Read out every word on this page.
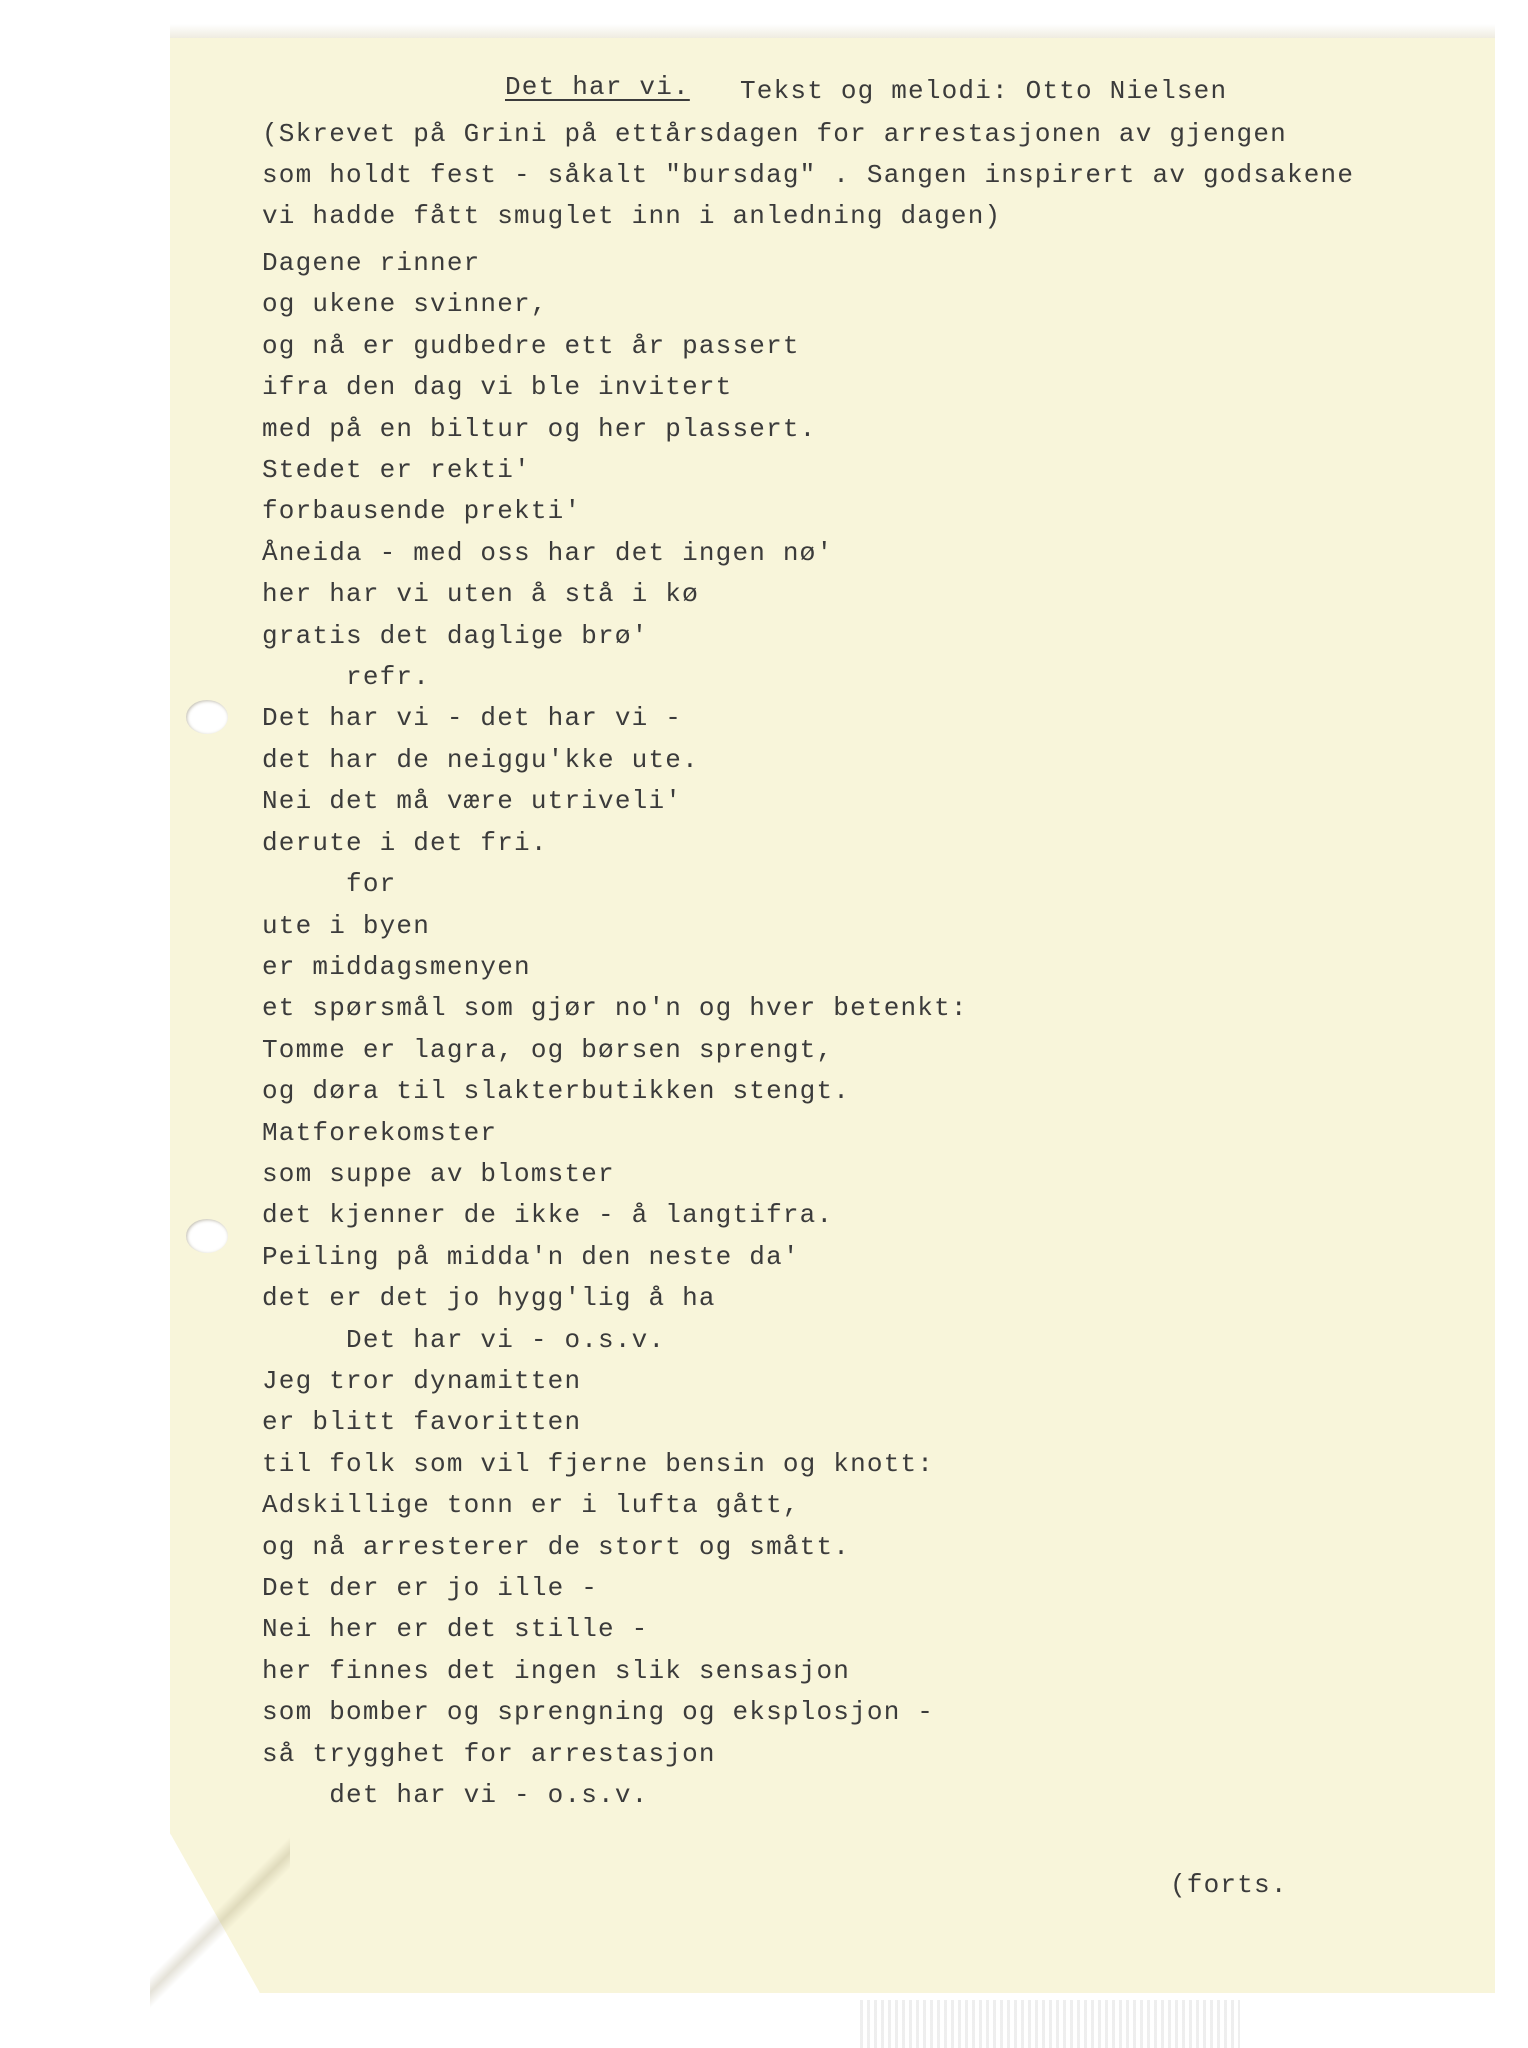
Det har vi. Tekst og melodi: Otto Nielsen
(Skrevet på Grini på ettårsdagen for arrestasjonen av gjengen
som holdt fest - såkalt "bursdag" . Sangen inspirert av godsakene
vi hadde fått smuglet inn i anledning dagen)
Dagene rinner
og ukene svinner,
og nå er gudbedre ett år passert
ifra den dag vi ble invitert
med på en biltur og her plassert.
Stedet er rekti'
forbausende prekti'
Åneida - med oss har det ingen nø'
her har vi uten å stå i kø
gratis det daglige brø'
refr.
Det har vi - det har vi -
det har de neiggu'kke ute.
Nei det må være utriveli'
derute i det fri.
for
ute i byen
er middagsmenyen
et spørsmål som gjør no'n og hver betenkt:
Tomme er lagra, og børsen sprengt,
og døra til slakterbutikken stengt.
Matforekomster
som suppe av blomster
det kjenner de ikke - å langtifra.
Peiling på midda'n den neste da'
det er det jo hygg'lig å ha
Det har vi - o.s.v.
Jeg tror dynamitten
er blitt favoritten
til folk som vil fjerne bensin og knott:
Adskillige tonn er i lufta gått,
og nå arresterer de stort og smått.
Det der er jo ille -
Nei her er det stille -
her finnes det ingen slik sensasjon
som bomber og sprengning og eksplosjon -
så trygghet for arrestasjon
det har vi - o.s.v.
(forts.
